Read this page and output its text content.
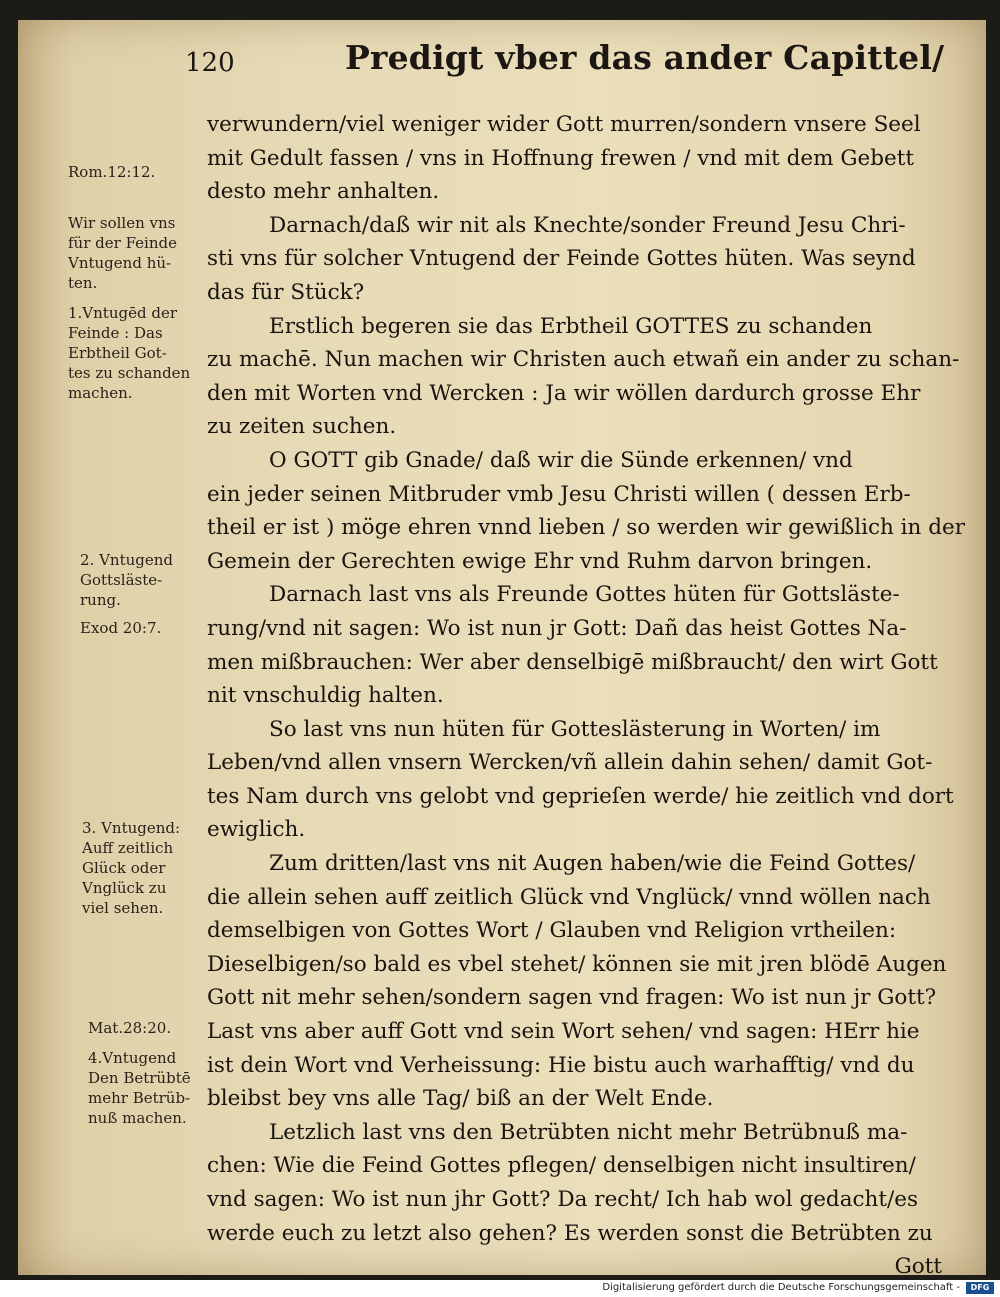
120	Predigt vber das ander Capittel/
Rom.12:12.
Wir sollen vns
für der Feinde
Vntugend hü-
ten.
1.Vntugēd der
Feinde : Das
Erbtheil Got-
tes zu schanden
machen.
2. Vntugend
Gottsläste-
rung.
Exod 20:7.
3. Vntugend:
Auff zeitlich
Glück oder
Vnglück zu
viel sehen.
Mat.28:20.
4.Vntugend
Den Betrübtē
mehr Betrüb-
nuß machen.
verwundern/viel weniger wider Gott murren/sondern vnsere Seel
mit Gedult fassen / vns in Hoffnung frewen / vnd mit dem Gebett
desto mehr anhalten.
Darnach/daß wir nit als Knechte/sonder Freund Jesu Chri-
sti vns für solcher Vntugend der Feinde Gottes hüten. Was seynd
das für Stück?
Erstlich begeren sie das Erbtheil GOTTES zu schanden
zu machē. Nun machen wir Christen auch etwañ ein ander zu schan-
den mit Worten vnd Wercken : Ja wir wöllen dardurch grosse Ehr
zu zeiten suchen.
O GOTT gib Gnade/ daß wir die Sünde erkennen/ vnd
ein jeder seinen Mitbruder vmb Jesu Christi willen ( dessen Erb-
theil er ist ) möge ehren vnnd lieben / so werden wir gewißlich in der
Gemein der Gerechten ewige Ehr vnd Ruhm darvon bringen.
Darnach last vns als Freunde Gottes hüten für Gottsläste-
rung/vnd nit sagen: Wo ist nun jr Gott: Dañ das heist Gottes Na-
men mißbrauchen: Wer aber denselbigē mißbraucht/ den wirt Gott
nit vnschuldig halten.
So last vns nun hüten für Gotteslästerung in Worten/ im
Leben/vnd allen vnsern Wercken/vñ allein dahin sehen/ damit Got-
tes Nam durch vns gelobt vnd geprieſen werde/ hie zeitlich vnd dort
ewiglich.
Zum dritten/last vns nit Augen haben/wie die Feind Gottes/
die allein sehen auff zeitlich Glück vnd Vnglück/ vnnd wöllen nach
demselbigen von Gottes Wort / Glauben vnd Religion vrtheilen:
Dieselbigen/so bald es vbel stehet/ können sie mit jren blödē Augen
Gott nit mehr sehen/sondern sagen vnd fragen: Wo ist nun jr Gott?
Last vns aber auff Gott vnd sein Wort sehen/ vnd sagen: HErr hie
ist dein Wort vnd Verheissung: Hie bistu auch warhafftig/ vnd du
bleibst bey vns alle Tag/ biß an der Welt Ende.
Letzlich last vns den Betrübten nicht mehr Betrübnuß ma-
chen: Wie die Feind Gottes pflegen/ denselbigen nicht insultiren/
vnd sagen: Wo ist nun jhr Gott? Da recht/ Ich hab wol gedacht/es
werde euch zu letzt also gehen? Es werden sonst die Betrübten zu
Gott
Digitalisierung gefördert durch die Deutsche Forschungsgemeinschaft -	DFG
